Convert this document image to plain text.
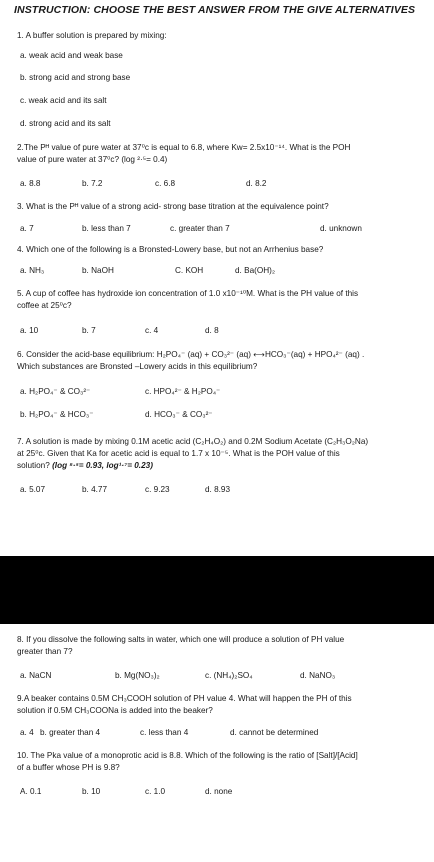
INSTRUCTION: CHOOSE THE BEST ANSWER FROM THE GIVE ALTERNATIVES
1. A buffer solution is prepared by mixing:
a. weak acid and weak base
b. strong acid and strong base
c. weak acid and its salt
d. strong acid and its salt
2.The Pᴴ value of pure water at 37⁰c is equal to 6.8, where Kw= 2.5x10⁻¹⁴. What is the POH
value of pure water at 37⁰c? (log ²·⁵= 0.4)
a. 8.8	b. 7.2	c. 6.8	d. 8.2
3. What is the Pᴴ value of a strong acid- strong base titration at the equivalence point?
a. 7	b. less than 7	c. greater than 7	d. unknown
4. Which one of the following is a Bronsted-Lowery base, but not an Arrhenius base?
a. NH₃	b. NaOH	C. KOH	d. Ba(OH)₂
5. A cup of coffee has hydroxide ion concentration of 1.0 x10⁻¹⁰M. What is the PH value of this
coffee at 25⁰c?
a. 10	b. 7	c. 4	d. 8
6. Consider the acid-base equilibrium: H₂PO₄⁻ (aq) + CO₃²⁻ (aq) ⟷HCO₃⁻(aq) + HPO₄²⁻ (aq) .
Which substances are Bronsted –Lowery acids in this equilibrium?
a. H₂PO₄⁻ & CO₃²⁻	c. HPO₄²⁻ & H₂PO₄⁻
b. H₂PO₄⁻ & HCO₃⁻	d. HCO₃⁻ & CO₃²⁻
7. A solution is made by mixing 0.1M acetic acid (C₂H₄O₂) and 0.2M Sodium Acetate (C₂H₃O₂Na)
at 25⁰c. Given that Ka for acetic acid is equal to 1.7 x 10⁻⁵. What is the POH value of this
solution? (log ⁸·⁵= 0.93, log¹·⁷= 0.23)
a. 5.07	b. 4.77	c. 9.23	d. 8.93
8. If you dissolve the following salts in water, which one will produce a solution of PH value
greater than 7?
a. NaCN	b. Mg(NO₃)₂	c. (NH₄)₂SO₄	d. NaNO₃
9.A beaker contains 0.5M CH₃COOH solution of PH value 4. What will happen the PH of this
solution if 0.5M CH₃COONa is added into the beaker?
a. 4 b. greater than 4	c. less than 4	d. cannot be determined
10. The Pka value of a monoprotic acid is 8.8. Which of the following is the ratio of [Salt]/[Acid]
of a buffer whose PH is 9.8?
A. 0.1	b. 10	c. 1.0	d. none
